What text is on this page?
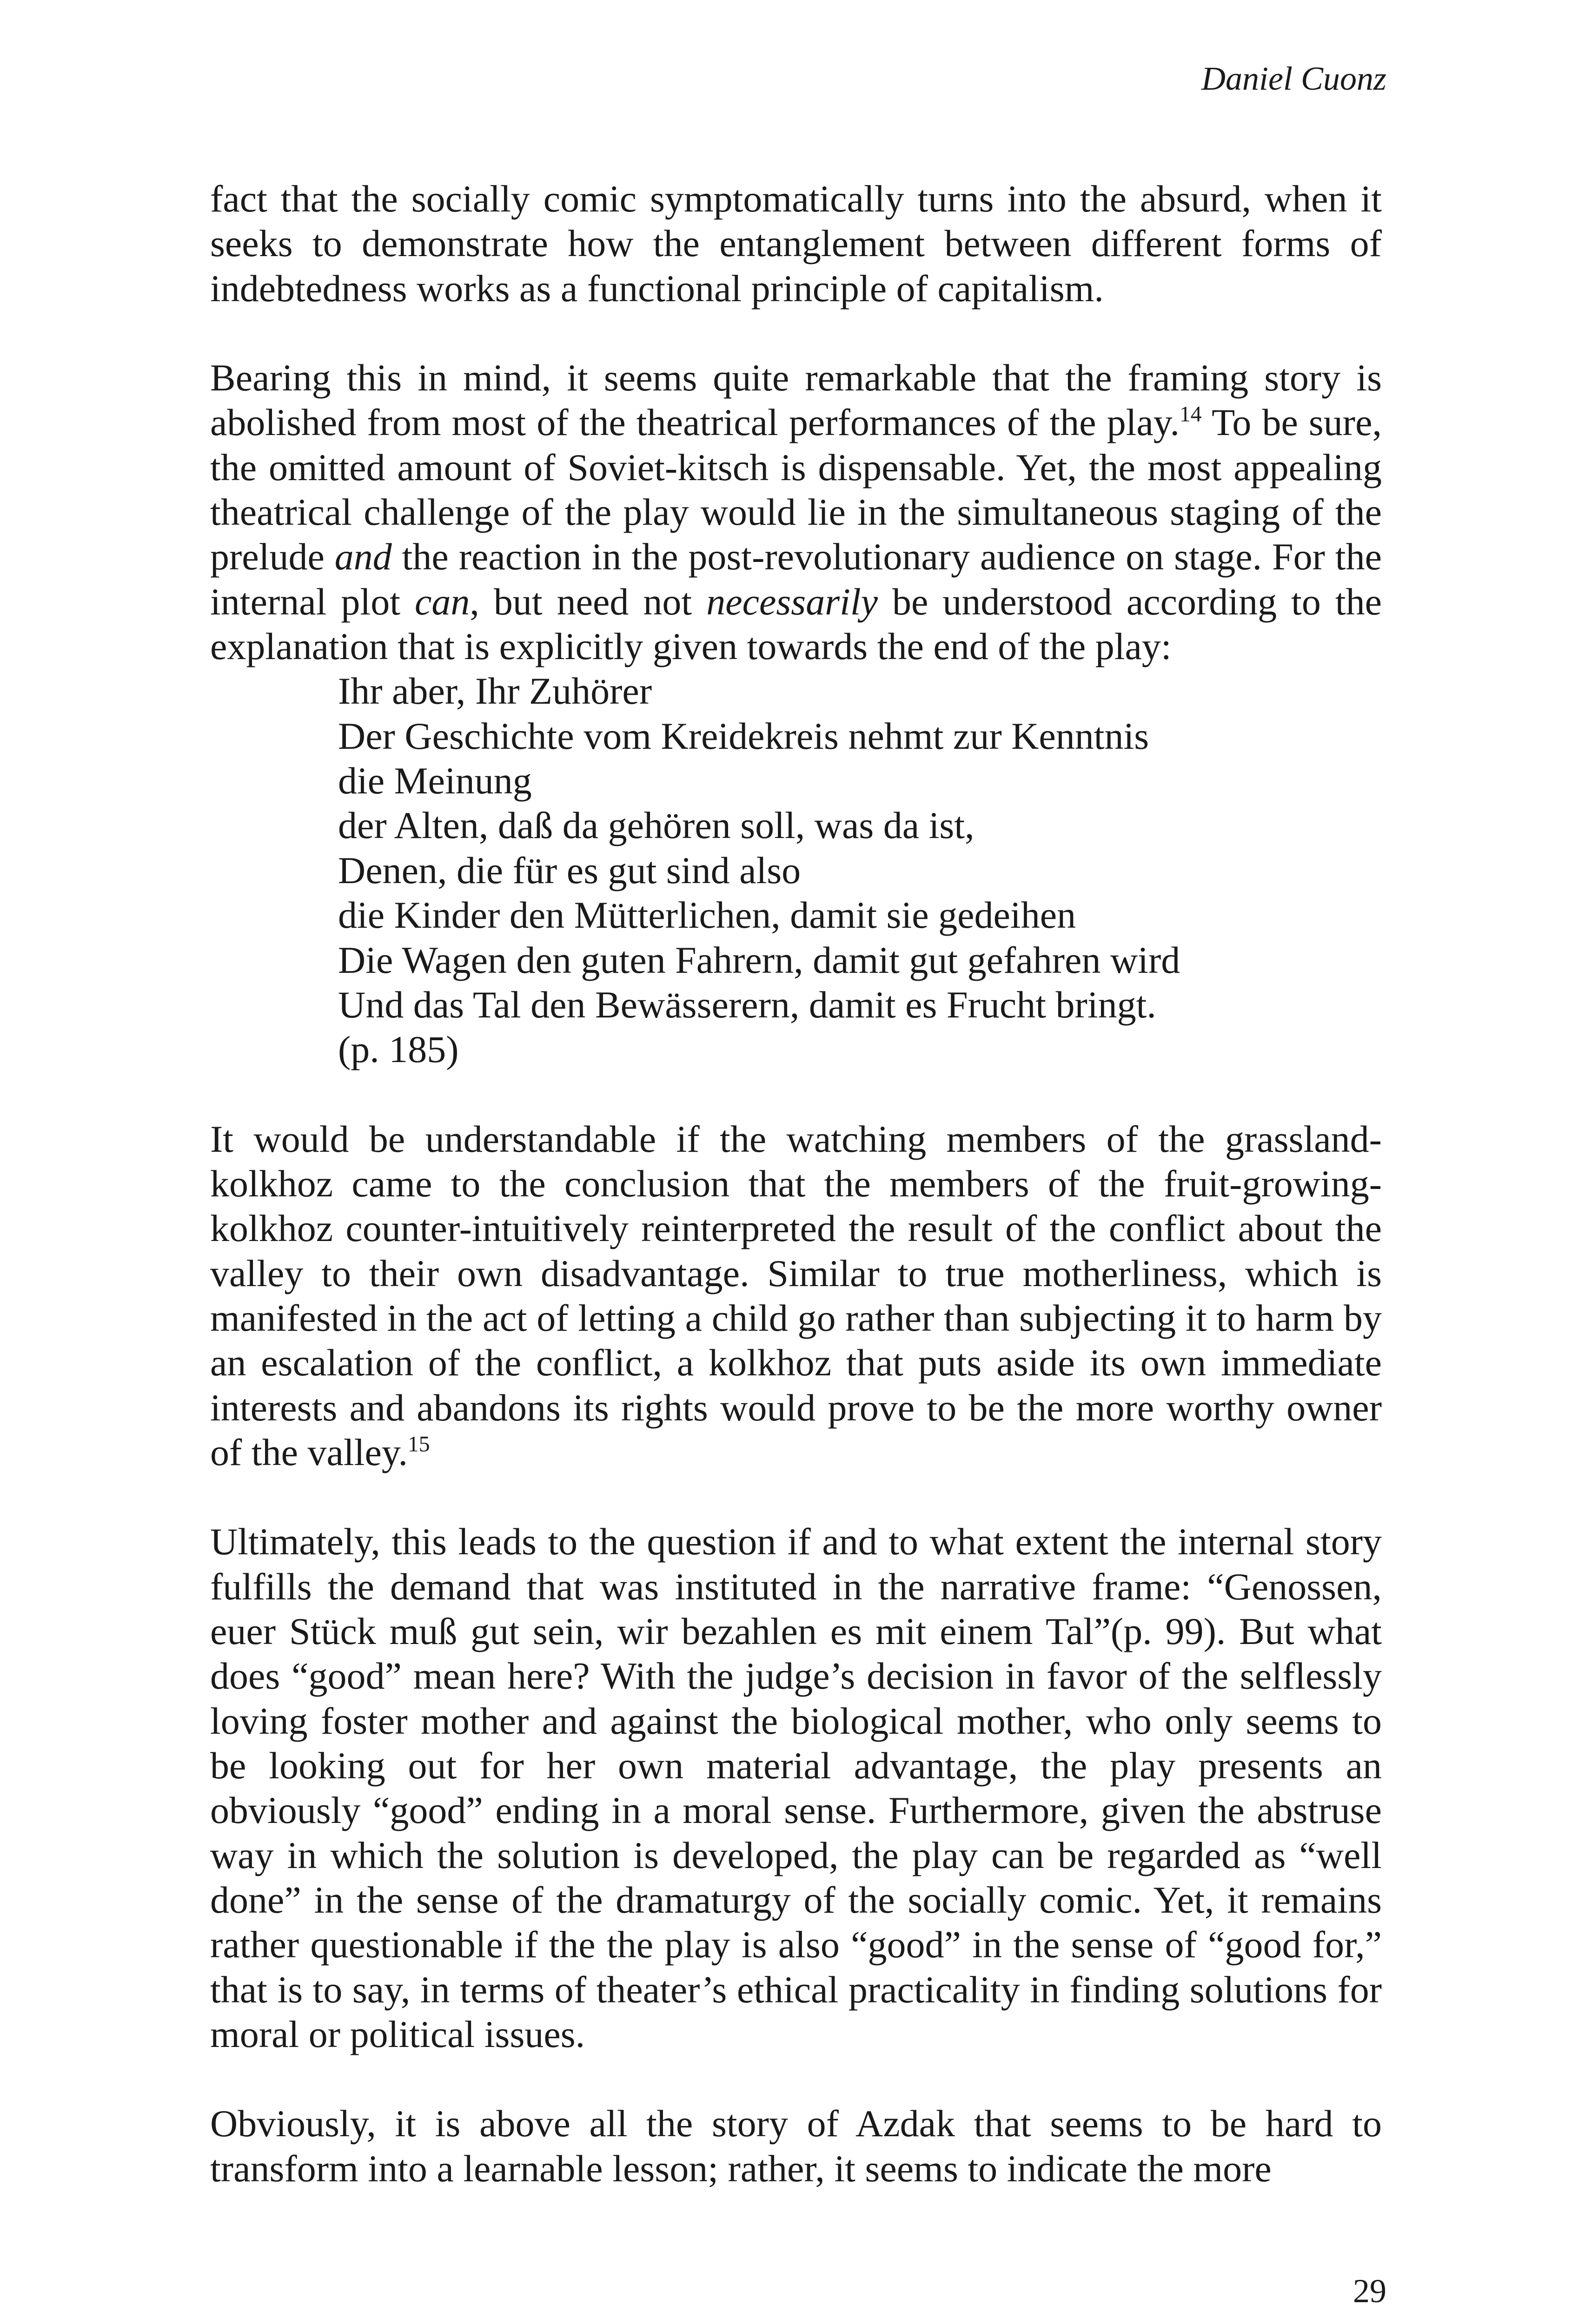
Daniel Cuonz

fact that the socially comic symptomatically turns into the absurd, when it seeks to demonstrate how the entanglement between different forms of indebtedness works as a functional principle of capitalism.

Bearing this in mind, it seems quite remarkable that the framing story is abolished from most of the theatrical performances of the play.$^{14}$ To be sure, the omitted amount of Soviet-kitsch is dispensable. Yet, the most appealing theatrical challenge of the play would lie in the simultaneous staging of the prelude and the reaction in the post-revolutionary audience on stage. For the internal plot can, but need not necessarily be understood according to the explanation that is explicitly given towards the end of the play:

Ihr aber, Ihr Zuhörer
Der Geschichte vom Kreidekreis nehmt zur Kenntnis
die Meinung
der Alten, daß da gehören soll, was da ist,
Denen, die für es gut sind also
die Kinder den Mütterlichen, damit sie gedeihen
Die Wagen den guten Fahrern, damit gut gefahren wird
Und das Tal den Bewässerern, damit es Frucht bringt.
(p. 185)

It would be understandable if the watching members of the grassland-kolkhoz came to the conclusion that the members of the fruit-growing-kolkhoz counter-intuitively reinterpreted the result of the conflict about the valley to their own disadvantage. Similar to true motherliness, which is manifested in the act of letting a child go rather than subjecting it to harm by an escalation of the conflict, a kolkhoz that puts aside its own immediate interests and abandons its rights would prove to be the more worthy owner of the valley.$^{15}$

Ultimately, this leads to the question if and to what extent the internal story fulfills the demand that was instituted in the narrative frame: “Genossen, euer Stück muß gut sein, wir bezahlen es mit einem Tal”(p. 99). But what does “good” mean here? With the judge’s decision in favor of the selflessly loving foster mother and against the biological mother, who only seems to be looking out for her own material advantage, the play presents an obviously “good” ending in a moral sense. Furthermore, given the abstruse way in which the solution is developed, the play can be regarded as “well done” in the sense of the dramaturgy of the socially comic. Yet, it remains rather questionable if the the play is also “good” in the sense of “good for,” that is to say, in terms of theater’s ethical practicality in finding solutions for moral or political issues.

Obviously, it is above all the story of Azdak that seems to be hard to transform into a learnable lesson; rather, it seems to indicate the more

29
